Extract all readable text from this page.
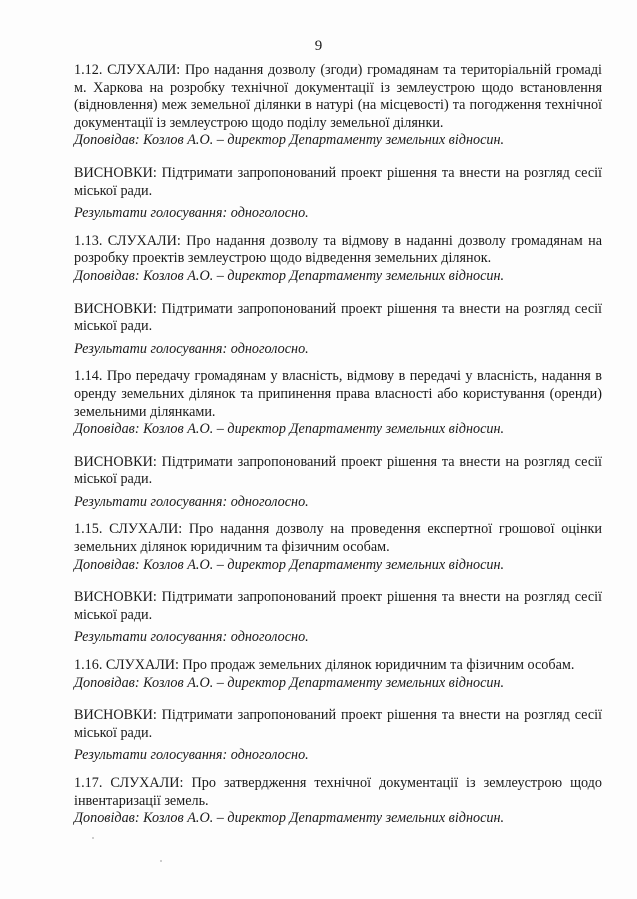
9

1.12. СЛУХАЛИ: Про надання дозволу (згоди) громадянам та територіальній громаді м. Харкова на розробку технічної документації із землеустрою щодо встановлення (відновлення) меж земельної ділянки в натурі (на місцевості) та погодження технічної документації із землеустрою щодо поділу земельної ділянки.

Доповідав: Козлов А.О. – директор Департаменту земельних відносин.

ВИСНОВКИ: Підтримати запропонований проект рішення та внести на розгляд сесії міської ради.

Результати голосування: одноголосно.

1.13. СЛУХАЛИ: Про надання дозволу та відмову в наданні дозволу громадянам на розробку проектів землеустрою щодо відведення земельних ділянок.

Доповідав: Козлов А.О. – директор Департаменту земельних відносин.

ВИСНОВКИ: Підтримати запропонований проект рішення та внести на розгляд сесії міської ради.

Результати голосування: одноголосно.

1.14. Про передачу громадянам у власність, відмову в передачі у власність, надання в оренду земельних ділянок та припинення права власності або користування (оренди) земельними ділянками.

Доповідав: Козлов А.О. – директор Департаменту земельних відносин.

ВИСНОВКИ: Підтримати запропонований проект рішення та внести на розгляд сесії міської ради.

Результати голосування: одноголосно.

1.15. СЛУХАЛИ: Про надання дозволу на проведення експертної грошової оцінки земельних ділянок юридичним та фізичним особам.

Доповідав: Козлов А.О. – директор Департаменту земельних відносин.

ВИСНОВКИ: Підтримати запропонований проект рішення та внести на розгляд сесії міської ради.

Результати голосування: одноголосно.

1.16. СЛУХАЛИ: Про продаж земельних ділянок юридичним та фізичним особам.

Доповідав: Козлов А.О. – директор Департаменту земельних відносин.

ВИСНОВКИ: Підтримати запропонований проект рішення та внести на розгляд сесії міської ради.

Результати голосування: одноголосно.

1.17. СЛУХАЛИ: Про затвердження технічної документації із землеустрою щодо інвентаризації земель.

Доповідав: Козлов А.О. – директор Департаменту земельних відносин.
